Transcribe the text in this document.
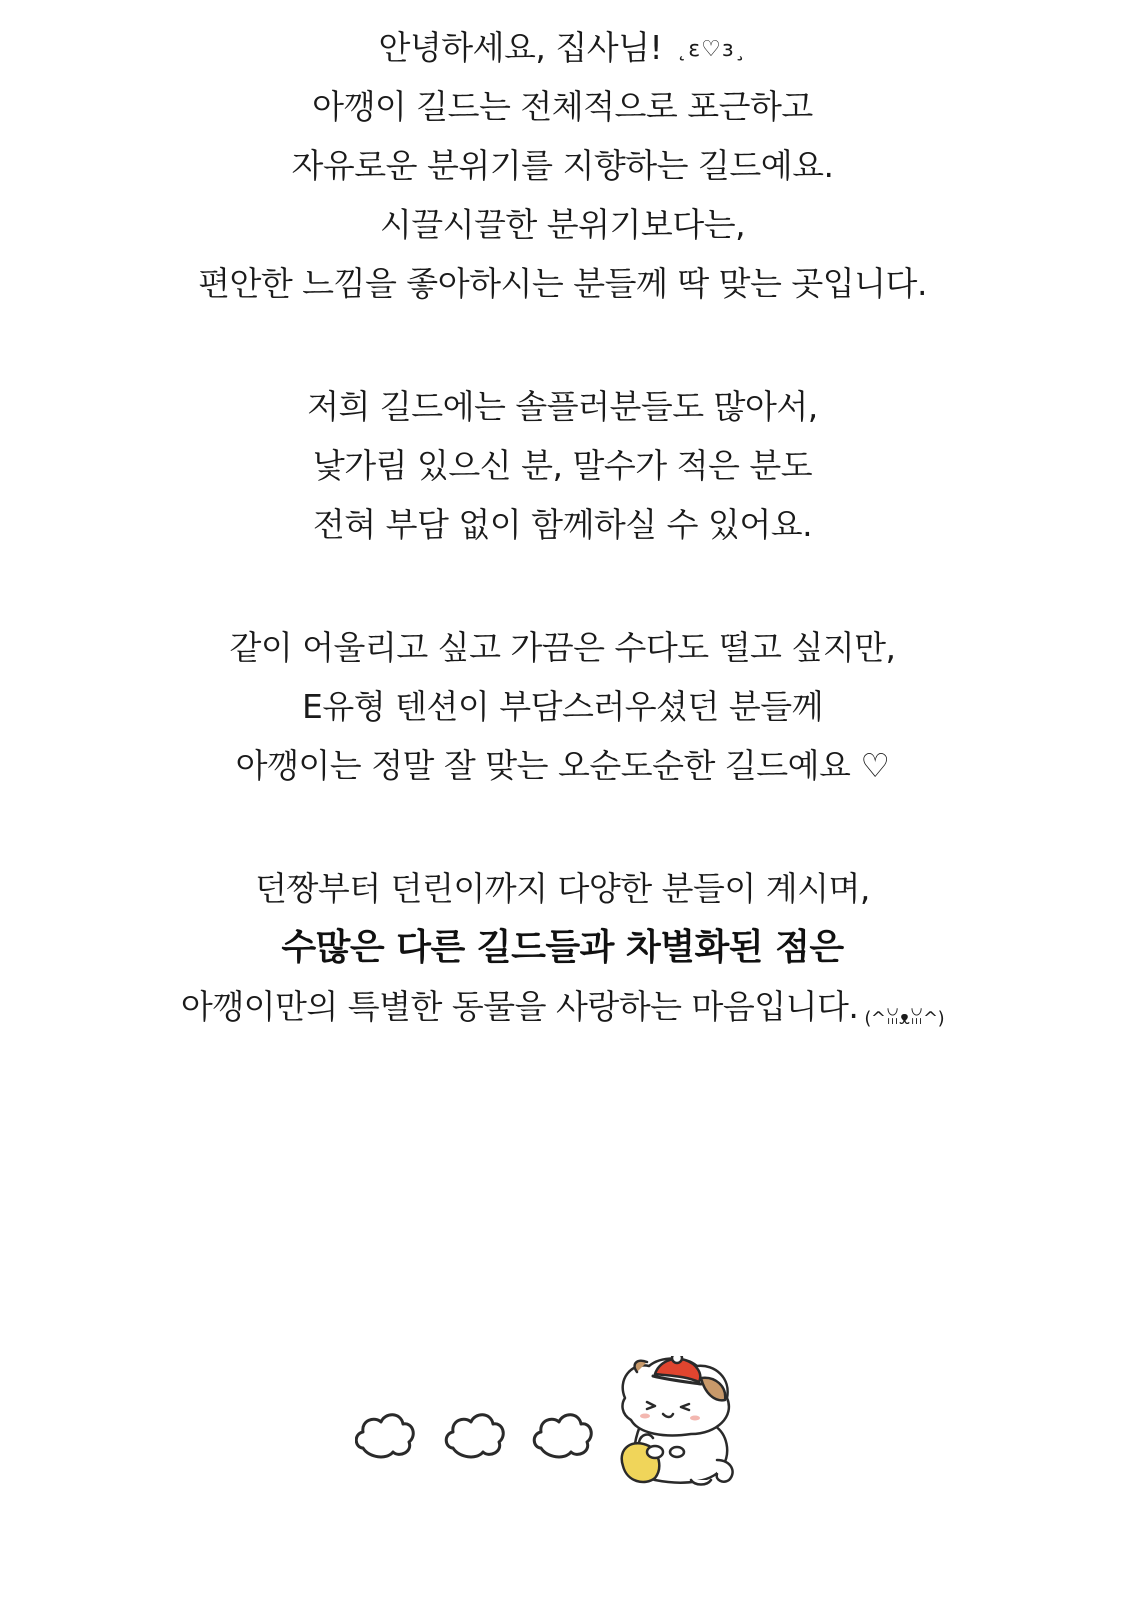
안녕하세요, 집사님! ˛ε♡з¸
아깽이 길드는 전체적으로 포근하고
자유로운 분위기를 지향하는 길드예요.
시끌시끌한 분위기보다는,
편안한 느낌을 좋아하시는 분들께 딱 맞는 곳입니다.
저희 길드에는 솔플러분들도 많아서,
낯가림 있으신 분, 말수가 적은 분도
전혀 부담 없이 함께하실 수 있어요.
같이 어울리고 싶고 가끔은 수다도 떨고 싶지만,
E유형 텐션이 부담스러우셨던 분들께
아깽이는 정말 잘 맞는 오순도순한 길드예요 ♡
던짱부터 던린이까지 다양한 분들이 계시며,
수많은 다른 길드들과 차별화된 점은
아깽이만의 특별한 동물을 사랑하는 마음입니다. (^ꈍᴥꈍ^)
